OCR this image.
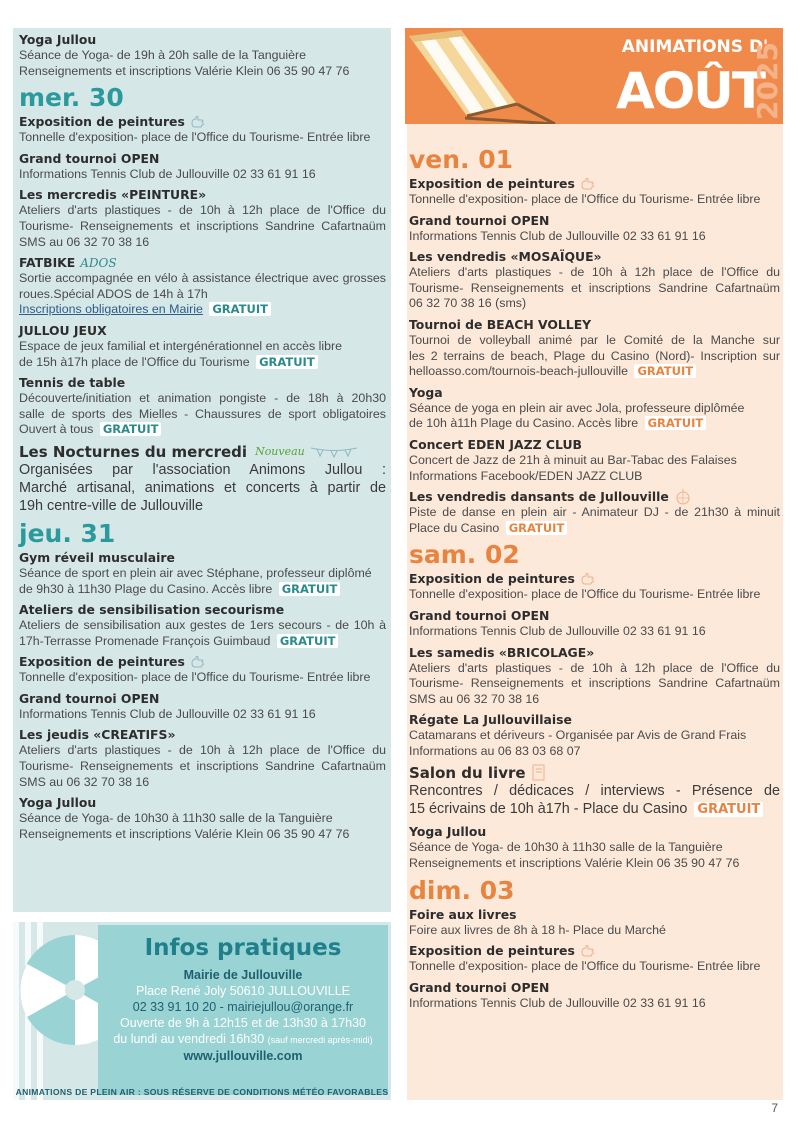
Yoga Jullou
Séance de Yoga- de 19h à 20h salle de la Tanguière
Renseignements et inscriptions Valérie Klein 06 35 90 47 76
mer. 30
Exposition de peintures
Tonnelle d'exposition- place de l'Office du Tourisme- Entrée libre
Grand tournoi OPEN
Informations Tennis Club de Jullouville 02 33 61 91 16
Les mercredis «PEINTURE»
Ateliers d'arts plastiques - de 10h à 12h place de l'Office du
Tourisme- Renseignements et inscriptions Sandrine Cafartnaüm
SMS au 06 32 70 38 16
FATBIKE ADOS
Sortie accompagnée en vélo à assistance électrique avec grosses
roues.Spécial ADOS de 14h à 17h
Inscriptions obligatoires en Mairie GRATUIT
JULLOU JEUX
Espace de jeux familial et intergénérationnel en accès libre
de 15h à17h place de l'Office du Tourisme GRATUIT
Tennis de table
Découverte/initiation et animation pongiste - de 18h à 20h30
salle de sports des Mielles - Chaussures de sport obligatoires
Ouvert à tous GRATUIT
Les Nocturnes du mercredi Nouveau
Organisées par l'association Animons Jullou :
Marché artisanal, animations et concerts à partir de
19h centre-ville de Jullouville
jeu. 31
Gym réveil musculaire
Séance de sport en plein air avec Stéphane, professeur diplômé
de 9h30 à 11h30 Plage du Casino. Accès libre GRATUIT
Ateliers de sensibilisation secourisme
Ateliers de sensibilisation aux gestes de 1ers secours - de 10h à
17h-Terrasse Promenade François Guimbaud GRATUIT
Exposition de peintures
Tonnelle d'exposition- place de l'Office du Tourisme- Entrée libre
Grand tournoi OPEN
Informations Tennis Club de Jullouville 02 33 61 91 16
Les jeudis «CREATIFS»
Ateliers d'arts plastiques - de 10h à 12h place de l'Office du
Tourisme- Renseignements et inscriptions Sandrine Cafartnaüm
SMS au 06 32 70 38 16
Yoga Jullou
Séance de Yoga- de 10h30 à 11h30 salle de la Tanguière
Renseignements et inscriptions Valérie Klein 06 35 90 47 76
ANIMATIONS D'
AOÛT
2025
ven. 01
Exposition de peintures
Tonnelle d'exposition- place de l'Office du Tourisme- Entrée libre
Grand tournoi OPEN
Informations Tennis Club de Jullouville 02 33 61 91 16
Les vendredis «MOSAÏQUE»
Ateliers d'arts plastiques - de 10h à 12h place de l'Office du
Tourisme- Renseignements et inscriptions Sandrine Cafartnaüm
06 32 70 38 16 (sms)
Tournoi de BEACH VOLLEY
Tournoi de volleyball animé par le Comité de la Manche sur
les 2 terrains de beach, Plage du Casino (Nord)- Inscription sur
helloasso.com/tournois-beach-jullouville GRATUIT
Yoga
Séance de yoga en plein air avec Jola, professeure diplômée
de 10h à11h Plage du Casino. Accès libre GRATUIT
Concert EDEN JAZZ CLUB
Concert de Jazz de 21h à minuit au Bar-Tabac des Falaises
Informations Facebook/EDEN JAZZ CLUB
Les vendredis dansants de Jullouville
Piste de danse en plein air - Animateur DJ - de 21h30 à minuit
Place du Casino GRATUIT
sam. 02
Exposition de peintures
Tonnelle d'exposition- place de l'Office du Tourisme- Entrée libre
Grand tournoi OPEN
Informations Tennis Club de Jullouville 02 33 61 91 16
Les samedis «BRICOLAGE»
Ateliers d'arts plastiques - de 10h à 12h place de l'Office du
Tourisme- Renseignements et inscriptions Sandrine Cafartnaüm
SMS au 06 32 70 38 16
Régate La Jullouvillaise
Catamarans et dériveurs - Organisée par Avis de Grand Frais
Informations au 06 83 03 68 07
Salon du livre
Rencontres / dédicaces / interviews - Présence de
15 écrivains de 10h à17h - Place du Casino GRATUIT
Yoga Jullou
Séance de Yoga- de 10h30 à 11h30 salle de la Tanguière
Renseignements et inscriptions Valérie Klein 06 35 90 47 76
dim. 03
Foire aux livres
Foire aux livres de 8h à 18 h- Place du Marché
Exposition de peintures
Tonnelle d'exposition- place de l'Office du Tourisme- Entrée libre
Grand tournoi OPEN
Informations Tennis Club de Jullouville 02 33 61 91 16
Infos pratiques
Mairie de Jullouville
Place René Joly 50610 JULLOUVILLE
02 33 91 10 20 - mairiejullou@orange.fr
Ouverte de 9h à 12h15 et de 13h30 à 17h30
du lundi au vendredi 16h30 (sauf mercredi après-midi)
www.jullouville.com
ANIMATIONS DE PLEIN AIR : SOUS RÉSERVE DE CONDITIONS MÉTÉO FAVORABLES
7
